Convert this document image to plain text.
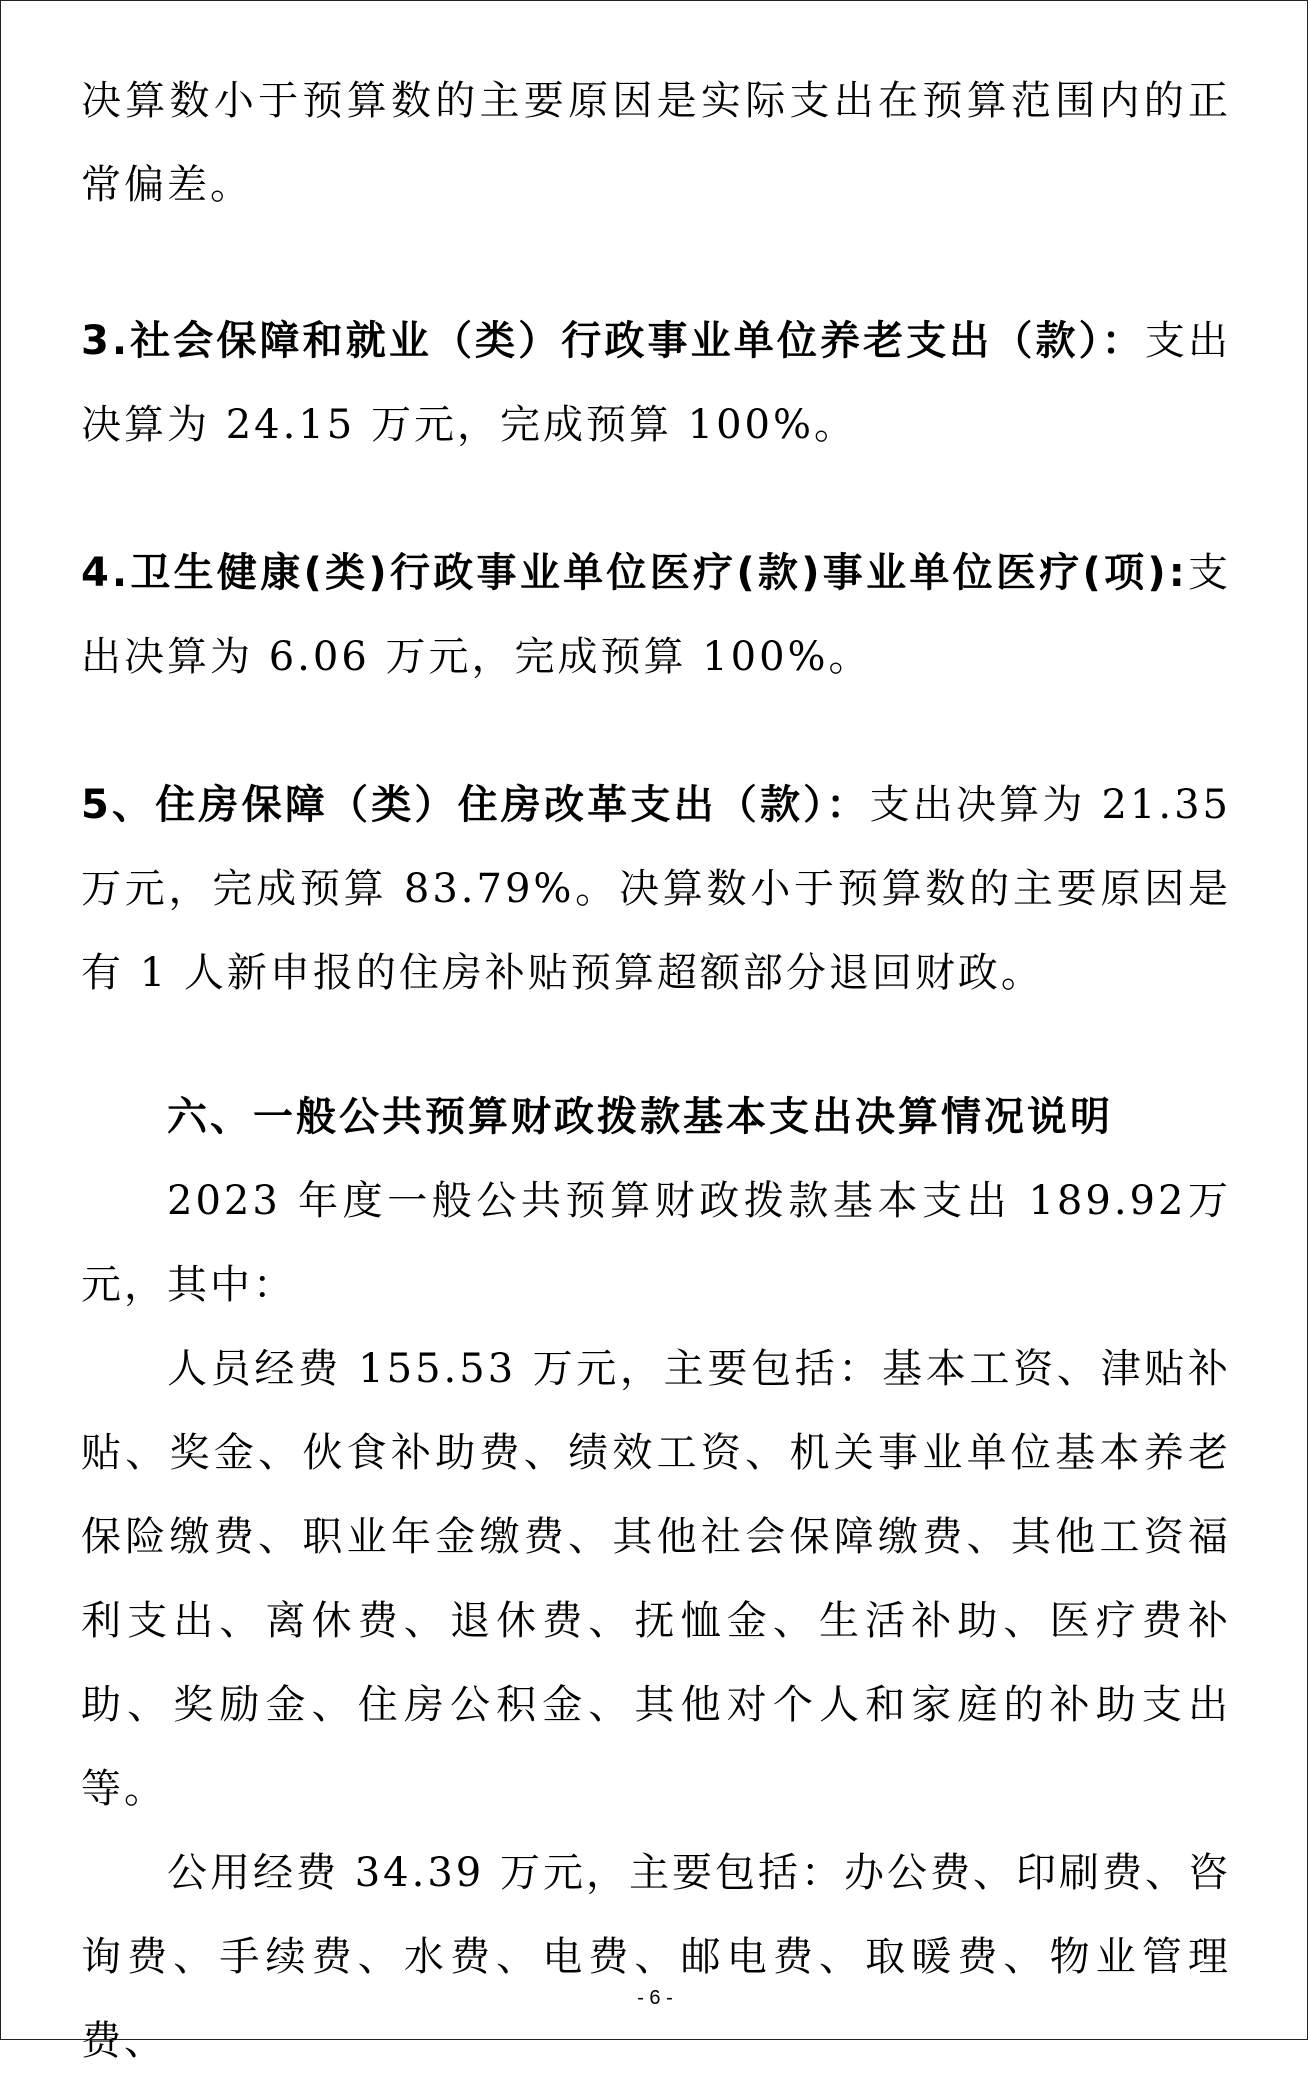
决算数小于预算数的主要原因是实际支出在预算范围内的正常偏差。

3.社会保障和就业（类）行政事业单位养老支出（款）：支出决算为 24.15 万元，完成预算 100%。

4.卫生健康(类)行政事业单位医疗(款)事业单位医疗(项):支出决算为 6.06 万元，完成预算 100%。

5、住房保障（类）住房改革支出（款）：支出决算为 21.35 万元，完成预算 83.79%。决算数小于预算数的主要原因是有 1 人新申报的住房补贴预算超额部分退回财政。

六、一般公共预算财政拨款基本支出决算情况说明

2023 年度一般公共预算财政拨款基本支出 189.92万元，其中：

人员经费 155.53 万元，主要包括：基本工资、津贴补贴、奖金、伙食补助费、绩效工资、机关事业单位基本养老保险缴费、职业年金缴费、其他社会保障缴费、其他工资福利支出、离休费、退休费、抚恤金、生活补助、医疗费补助、奖励金、住房公积金、其他对个人和家庭的补助支出等。

公用经费 34.39 万元，主要包括：办公费、印刷费、咨询费、手续费、水费、电费、邮电费、取暖费、物业管理费、

- 6 -
